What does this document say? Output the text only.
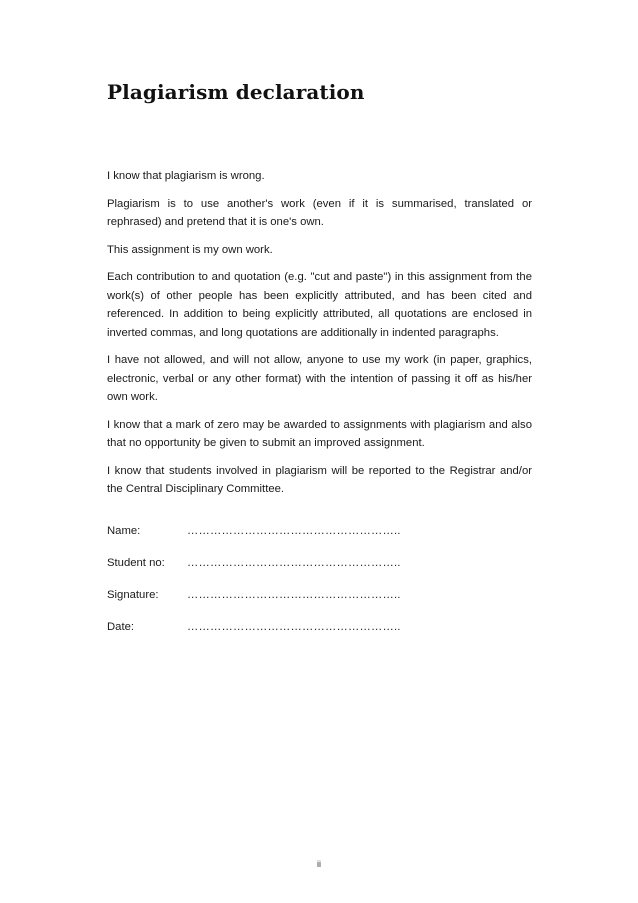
Plagiarism declaration

I know that plagiarism is wrong.

Plagiarism is to use another's work (even if it is summarised, translated or rephrased) and pretend that it is one's own.

This assignment is my own work.

Each contribution to and quotation (e.g. "cut and paste") in this assignment from the work(s) of other people has been explicitly attributed, and has been cited and referenced. In addition to being explicitly attributed, all quotations are enclosed in inverted commas, and long quotations are additionally in indented paragraphs.

I have not allowed, and will not allow, anyone to use my work (in paper, graphics, electronic, verbal or any other format) with the intention of passing it off as his/her own work.

I know that a mark of zero may be awarded to assignments with plagiarism and also that no opportunity be given to submit an improved assignment.

I know that students involved in plagiarism will be reported to the Registrar and/or the Central Disciplinary Committee.

Name:	………………………………………………..
Student no:	………………………………………………..
Signature:	………………………………………………..
Date:	………………………………………………..
ii
